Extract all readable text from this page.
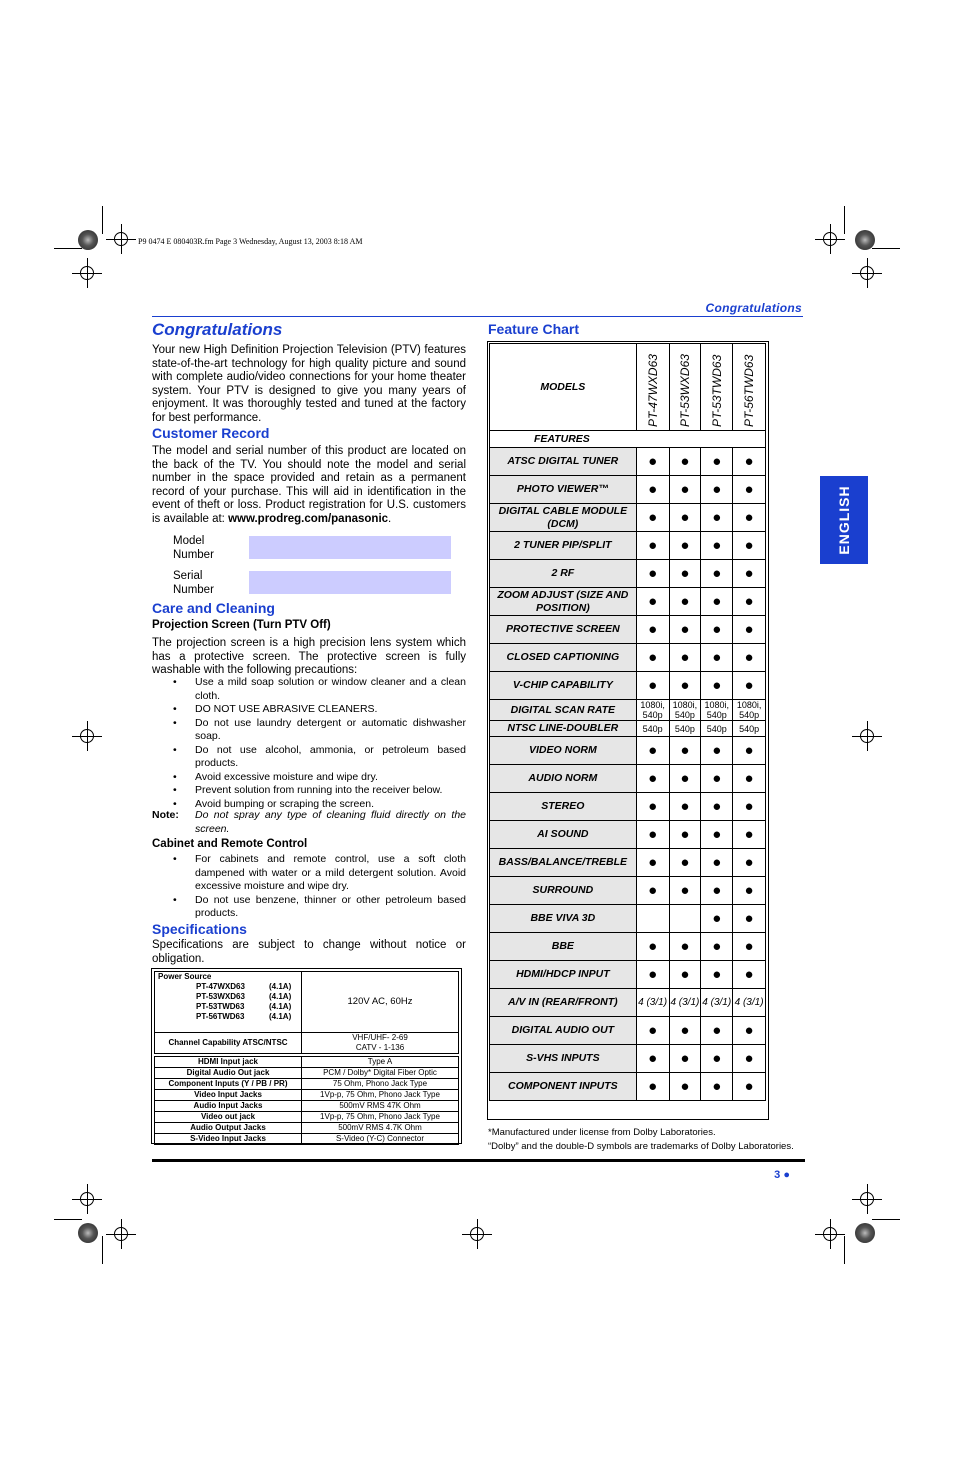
P9 0474 E 080403R.fm Page 3 Wednesday, August 13, 2003 8:18 AM
Congratulations
Congratulations

Your new High Definition Projection Television (PTV) features state-of-the-art technology for high quality picture and sound with complete audio/video connections for your home theater system. Your PTV is designed to give you many years of enjoyment. It was thoroughly tested and tuned at the factory for best performance.

Customer Record

The model and serial number of this product are located on the back of the TV. You should note the model and serial number in the space provided and retain as a permanent record of your purchase. This will aid in identification in the event of theft or loss. Product registration for U.S. customers is available at: www.prodreg.com/panasonic.

Model
Number
Serial
Number
Care and Cleaning
Projection Screen (Turn PTV Off)

The projection screen is a high precision lens system which has a protective screen. The protective screen is fully washable with the following precautions:

• Use a mild soap solution or window cleaner and a clean cloth.
• DO NOT USE ABRASIVE CLEANERS.
• Do not use laundry detergent or automatic dishwasher soap.
• Do not use alcohol, ammonia, or petroleum based products.
• Avoid excessive moisture and wipe dry.
• Prevent solution from running into the receiver below.
• Avoid bumping or scraping the screen.
Note: Do not spray any type of cleaning fluid directly on the screen.
Cabinet and Remote Control
• For cabinets and remote control, use a soft cloth dampened with water or a mild detergent solution. Avoid excessive moisture and wipe dry.
• Do not use benzene, thinner or other petroleum based products.
Specifications

Specifications are subject to change without notice or obligation.

Power Source
PT-47WXD63 (4.1A)
PT-53WXD63 (4.1A)
PT-53TWD63 (4.1A)
PT-56TWD63 (4.1A)	120V AC, 60Hz
Channel Capability ATSC/NTSC	VHF/UHF- 2-69
CATV - 1-136

HDMI Input jack	Type A
Digital Audio Out jack	PCM / Dolby* Digital Fiber Optic
Component Inputs (Y / PB / PR)	75 Ohm, Phono Jack Type
Video Input Jacks	1Vp-p, 75 Ohm, Phono Jack Type
Audio Input Jacks	500mV RMS 47K Ohm
Video out jack	1Vp-p, 75 Ohm, Phono Jack Type
Audio Output Jacks	500mV RMS 4.7K Ohm
S-Video Input Jacks	S-Video (Y-C) Connector
Feature Chart
MODELS	PT-47WXD63	PT-53WXD63	PT-53TWD63	PT-56TWD63
FEATURES				
ATSC DIGITAL TUNER	●	●	●	●
PHOTO VIEWER™	●	●	●	●
DIGITAL CABLE MODULE (DCM)	●	●	●	●
2 TUNER PIP/SPLIT	●	●	●	●
2 RF	●	●	●	●
ZOOM ADJUST (SIZE AND POSITION)	●	●	●	●
PROTECTIVE SCREEN	●	●	●	●
CLOSED CAPTIONING	●	●	●	●
V-CHIP CAPABILITY	●	●	●	●
DIGITAL SCAN RATE	1080i, 540p	1080i, 540p	1080i, 540p	1080i, 540p
NTSC LINE-DOUBLER	540p	540p	540p	540p
VIDEO NORM	●	●	●	●
AUDIO NORM	●	●	●	●
STEREO	●	●	●	●
AI SOUND	●	●	●	●
BASS/BALANCE/TREBLE	●	●	●	●
SURROUND	●	●	●	●
BBE VIVA 3D			●	●
BBE	●	●	●	●
HDMI/HDCP INPUT	●	●	●	●
A/V IN (REAR/FRONT)	4 (3/1)	4 (3/1)	4 (3/1)	4 (3/1)
DIGITAL AUDIO OUT	●	●	●	●
S-VHS INPUTS	●	●	●	●
COMPONENT INPUTS	●	●	●	●
*Manufactured under license from Dolby Laboratories.
“Dolby” and the double-D symbols are trademarks of Dolby Laboratories.
ENGLISH
3 ●
